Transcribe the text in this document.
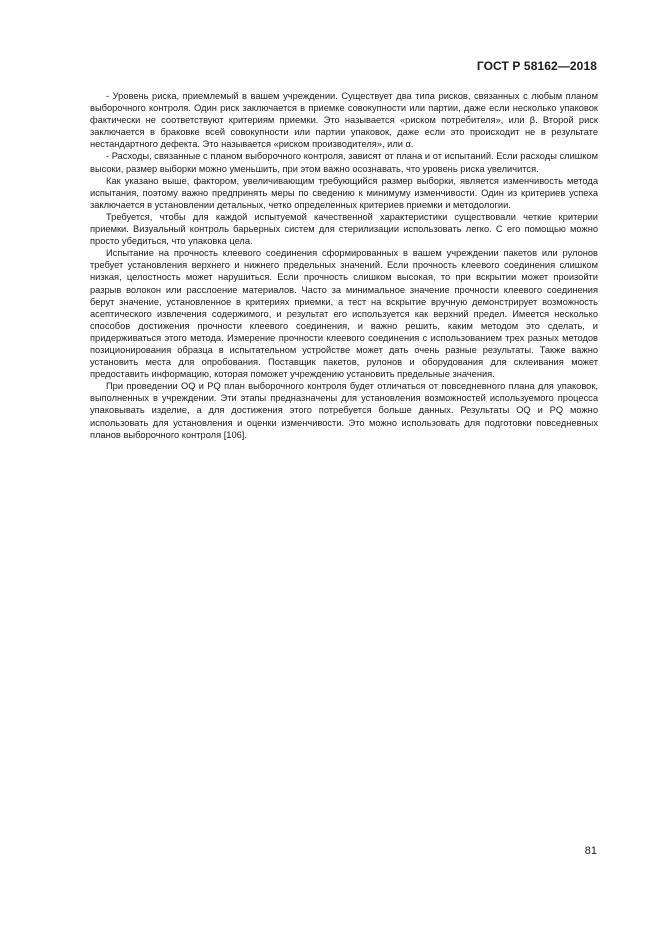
ГОСТ Р 58162—2018

- Уровень риска, приемлемый в вашем учреждении. Существует два типа рисков, связанных с любым планом выборочного контроля. Один риск заключается в приемке совокупности или партии, даже если несколько упаковок фактически не соответствуют критериям приемки. Это называется «риском потребителя», или β. Второй риск заключается в браковке всей совокупности или партии упаковок, даже если это происходит не в результате нестандартного дефекта. Это называется «риском производителя», или α.

- Расходы, связанные с планом выборочного контроля, зависят от плана и от испытаний. Если расходы слишком высоки, размер выборки можно уменьшить, при этом важно осознавать, что уровень риска увеличится.

Как указано выше, фактором, увеличивающим требующийся размер выборки, является изменчивость метода испытания, поэтому важно предпринять меры по сведению к минимуму изменчивости. Один из критериев успеха заключается в установлении детальных, четко определенных критериев приемки и методологии.

Требуется, чтобы для каждой испытуемой качественной характеристики существовали четкие критерии приемки. Визуальный контроль барьерных систем для стерилизации использовать легко. С его помощью можно просто убедиться, что упаковка цела.

Испытание на прочность клеевого соединения сформированных в вашем учреждении пакетов или рулонов требует установления верхнего и нижнего предельных значений. Если прочность клеевого соединения слишком низкая, целостность может нарушиться. Если прочность слишком высокая, то при вскрытии может произойти разрыв волокон или расслоение материалов. Часто за минимальное значение прочности клеевого соединения берут значение, установленное в критериях приемки, а тест на вскрытие вручную демонстрирует возможность асептического извлечения содержимого, и результат его используется как верхний предел. Имеется несколько способов достижения прочности клеевого соединения, и важно решить, каким методом это сделать, и придерживаться этого метода. Измерение прочности клеевого соединения с использованием трех разных методов позиционирования образца в испытательном устройстве может дать очень разные результаты. Также важно установить места для опробования. Поставщик пакетов, рулонов и оборудования для склеивания может предоставить информацию, которая поможет учреждению установить предельные значения.

При проведении OQ и PQ план выборочного контроля будет отличаться от повседневного плана для упаковок, выполненных в учреждении. Эти этапы предназначены для установления возможностей используемого процесса упаковывать изделие, а для достижения этого потребуется больше данных. Результаты OQ и PQ можно использовать для установления и оценки изменчивости. Это можно использовать для подготовки повседневных планов выборочного контроля [106].

81
